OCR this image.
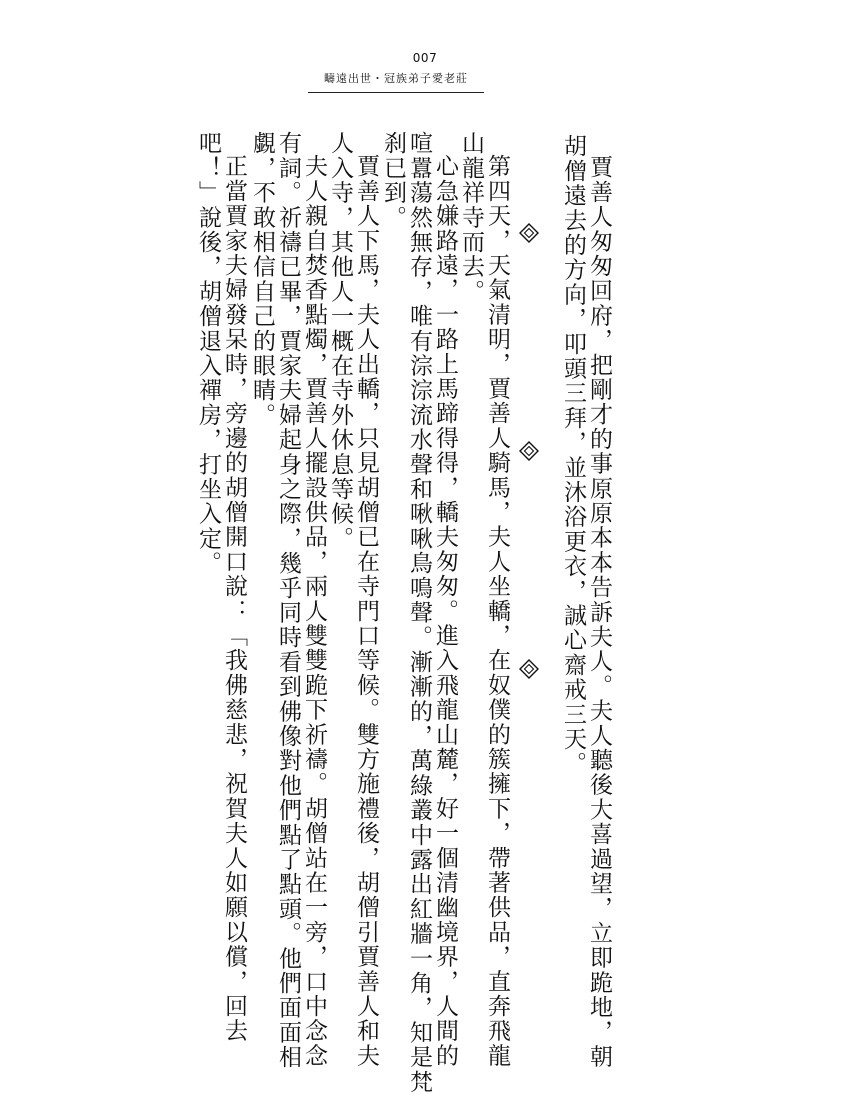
007
疇遠出世・冠族弟子愛老莊
賈善人匆匆回府，把剛才的事原原本本告訴夫人。夫人聽後大喜過望，立即跪地，朝
胡僧遠去的方向，叩頭三拜，並沐浴更衣，誠心齋戒三天。
第四天，天氣清明，賈善人騎馬，夫人坐轎，在奴僕的簇擁下，帶著供品，直奔飛龍
山龍祥寺而去。
心急嫌路遠，一路上馬蹄得得，轎夫匆匆。進入飛龍山麓，好一個清幽境界，人間的
喧囂蕩然無存，唯有淙淙流水聲和啾啾鳥鳴聲。漸漸的，萬綠叢中露出紅牆一角，知是梵
刹已到。
賈善人下馬，夫人出轎，只見胡僧已在寺門口等候。雙方施禮後，胡僧引賈善人和夫
人入寺，其他人一概在寺外休息等候。
夫人親自焚香點燭，賈善人擺設供品，兩人雙雙跪下祈禱。胡僧站在一旁，口中念念
有詞。祈禱已畢，賈家夫婦起身之際，幾乎同時看到佛像對他們點了點頭。他們面面相
覷，不敢相信自己的眼睛。
正當賈家夫婦發呆時，旁邊的胡僧開口說：「我佛慈悲，祝賀夫人如願以償，回去
吧！」說後，胡僧退入禪房，打坐入定。
